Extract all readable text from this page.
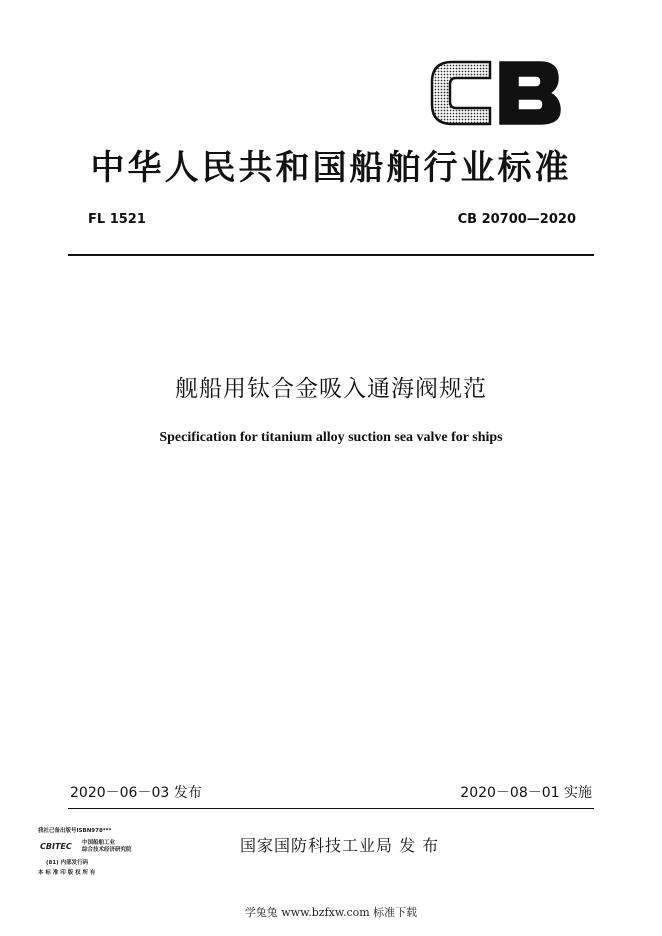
中华人民共和国船舶行业标准
FL 1521	CB 20700—2020
舰船用钛合金吸入通海阀规范
Specification for titanium alloy suction sea valve for ships
2020－06－03 发布	2020－08－01 实施
我社已备出版号ISBN978***
CBITEC 中国船舶工业
综合技术经济研究院
(81) 内部发行码
本 标 准 印 版 权 所 有
国家国防科技工业局 发 布
学兔兔 www.bzfxw.com 标准下载
